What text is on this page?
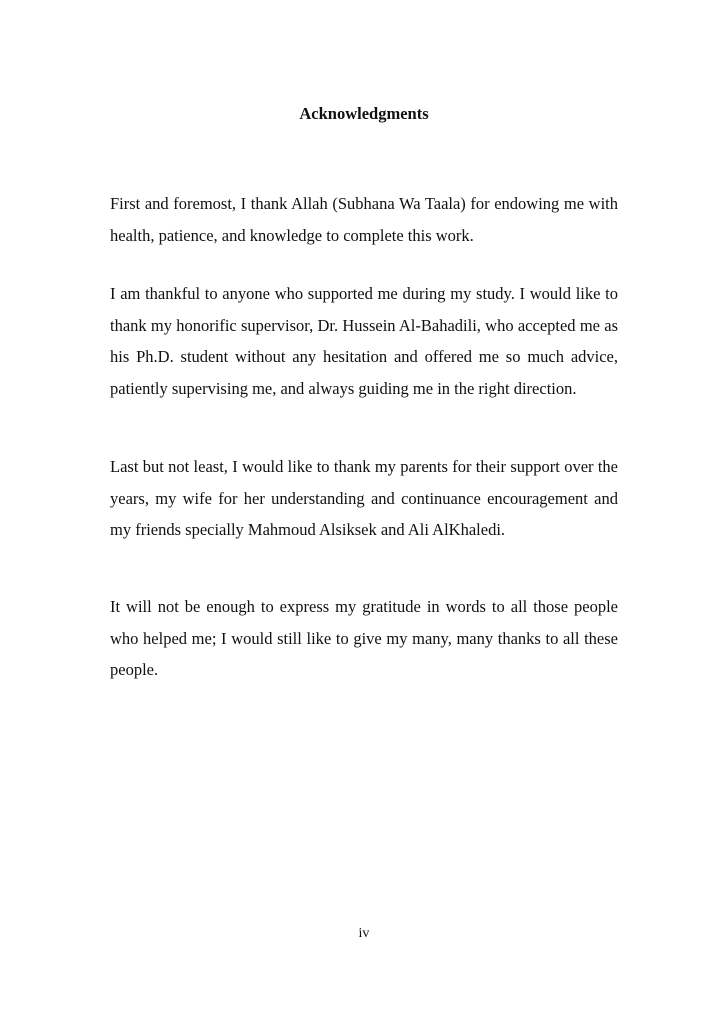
Acknowledgments

First and foremost, I thank Allah (Subhana Wa Taala) for endowing me with health, patience, and knowledge to complete this work.

I am thankful to anyone who supported me during my study. I would like to thank my honorific supervisor, Dr. Hussein Al-Bahadili, who accepted me as his Ph.D. student without any hesitation and offered me so much advice, patiently supervising me, and always guiding me in the right direction.

Last but not least, I would like to thank my parents for their support over the years, my wife for her understanding and continuance encouragement and my friends specially Mahmoud Alsiksek and Ali AlKhaledi.

It will not be enough to express my gratitude in words to all those people who helped me; I would still like to give my many, many thanks to all these people.

iv
